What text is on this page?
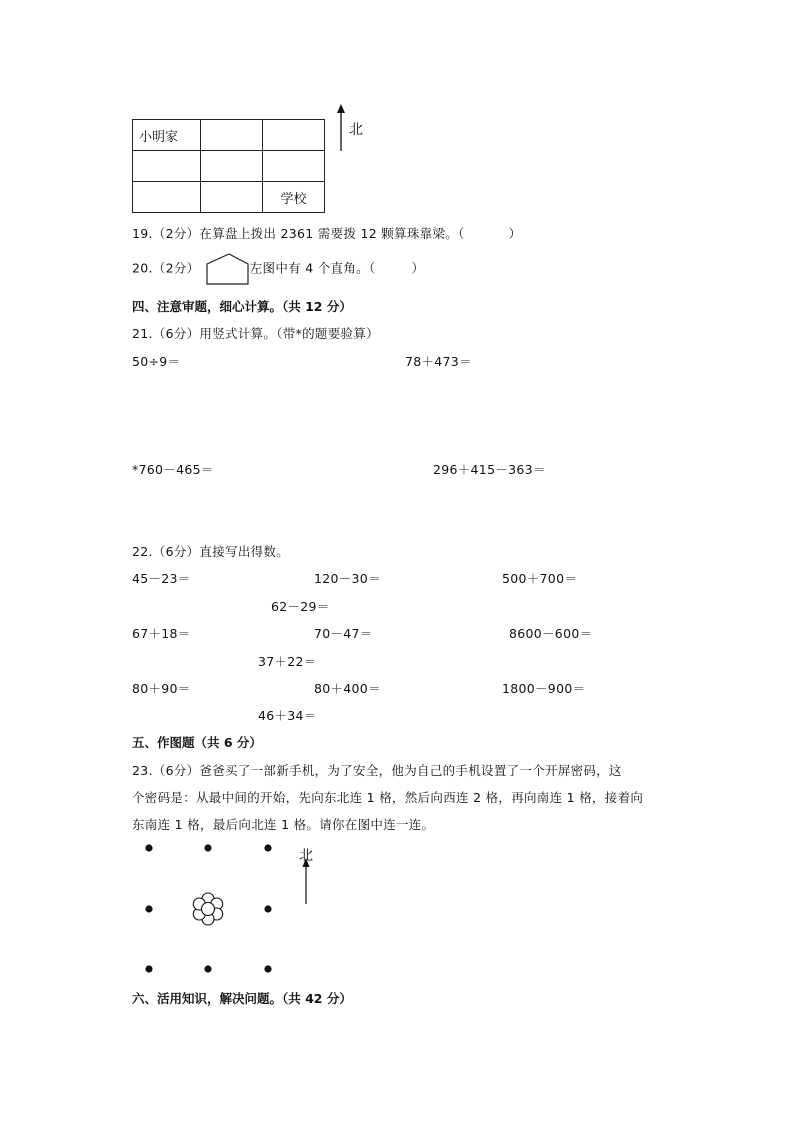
小明家		

		学校
北
19.（2分）在算盘上拨出 2361 需要拨 12 颗算珠靠梁。（	）
20.（2分）	左图中有 4 个直角。（	）
四、注意审题，细心计算。（共 12 分）
21.（6分）用竖式计算。（带*的题要验算）
50÷9＝	78＋473＝
*760－465＝	296＋415－363＝
22.（6分）直接写出得数。
45－23＝	120－30＝	500＋700＝
62－29＝
67＋18＝	70－47＝	8600－600＝
37＋22＝
80＋90＝	80＋400＝	1800－900＝
46＋34＝
五、作图题（共 6 分）
23.（6分）爸爸买了一部新手机，为了安全，他为自己的手机设置了一个开屏密码，这
个密码是：从最中间的开始，先向东北连 1 格，然后向西连 2 格，再向南连 1 格，接着向
东南连 1 格，最后向北连 1 格。请你在图中连一连。
北
六、活用知识，解决问题。（共 42 分）
